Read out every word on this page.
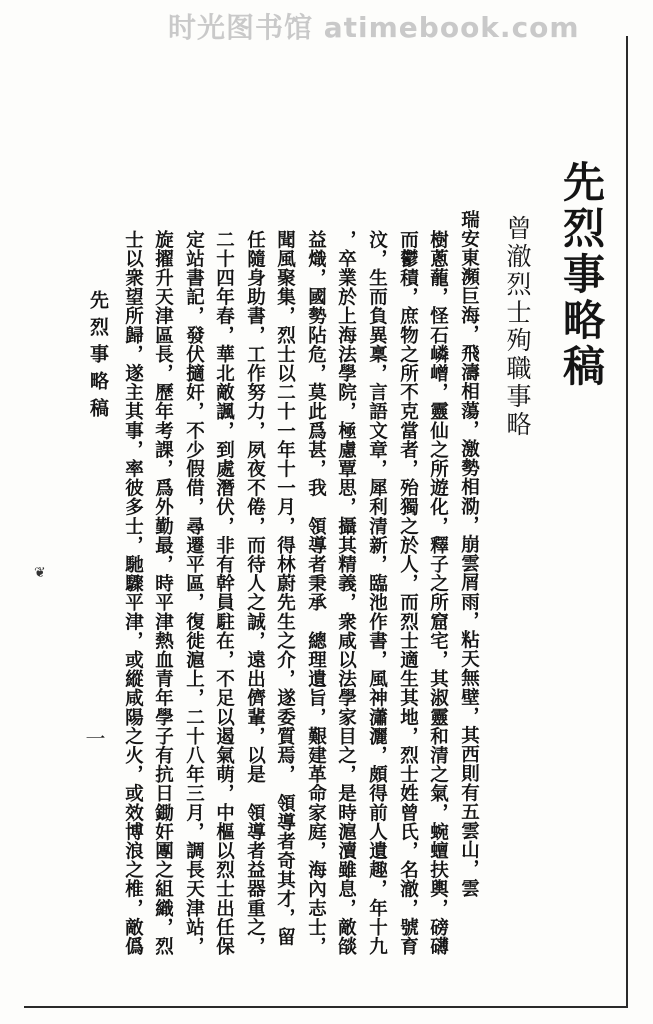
时光图书馆 atimebook.com
先烈事略稿
曾澈烈士殉職事略
瑞安東瀕巨海，飛濤相蕩，激勢相泐，崩雲屑雨，粘天無壁，其西則有五雲山，雲
樹蔥蘢，怪石嶙嶒，靈仙之所遊化，釋子之所窟宅，其淑靈和清之氣，蜿蟺扶輿，磅礴
而鬱積，庶物之所不克當者，殆獨之於人，而烈士適生其地，烈士姓曾氏，名澈，號育
汶，生而負異稟，言語文章，犀利清新，臨池作書，風神瀟灑，頗得前人遺趣，年十九
，卒業於上海法學院，極慮覃思，攝其精義，衆咸以法學家目之，是時滬瀆雖息，敵燄
益熾，國勢阽危，莫此爲甚，我　領導者秉承　總理遺旨，艱建革命家庭，海內志士，
聞風聚集，烈士以二十一年十一月，得林蔚先生之介，遂委質焉，　領導者奇其才，留
任隨身助書，工作努力，夙夜不倦，而待人之誠，遠出儕輩，以是　領導者益器重之，
二十四年春，華北敵諷，到處潛伏，非有幹員駐在，不足以遏氣萌，中樞以烈士出任保
定站書記，發伏擿奸，不少假借，尋遷平區，復徙滬上，二十八年三月，調長天津站，
旋擢升天津區長，歷年考課，爲外勤最，時平津熱血青年學子有抗日鋤奸團之組織，烈
士以衆望所歸，遂主其事，率彼多士，馳驟平津，或縱咸陽之火，或效博浪之椎，敵僞
先烈事略稿
一
❦
